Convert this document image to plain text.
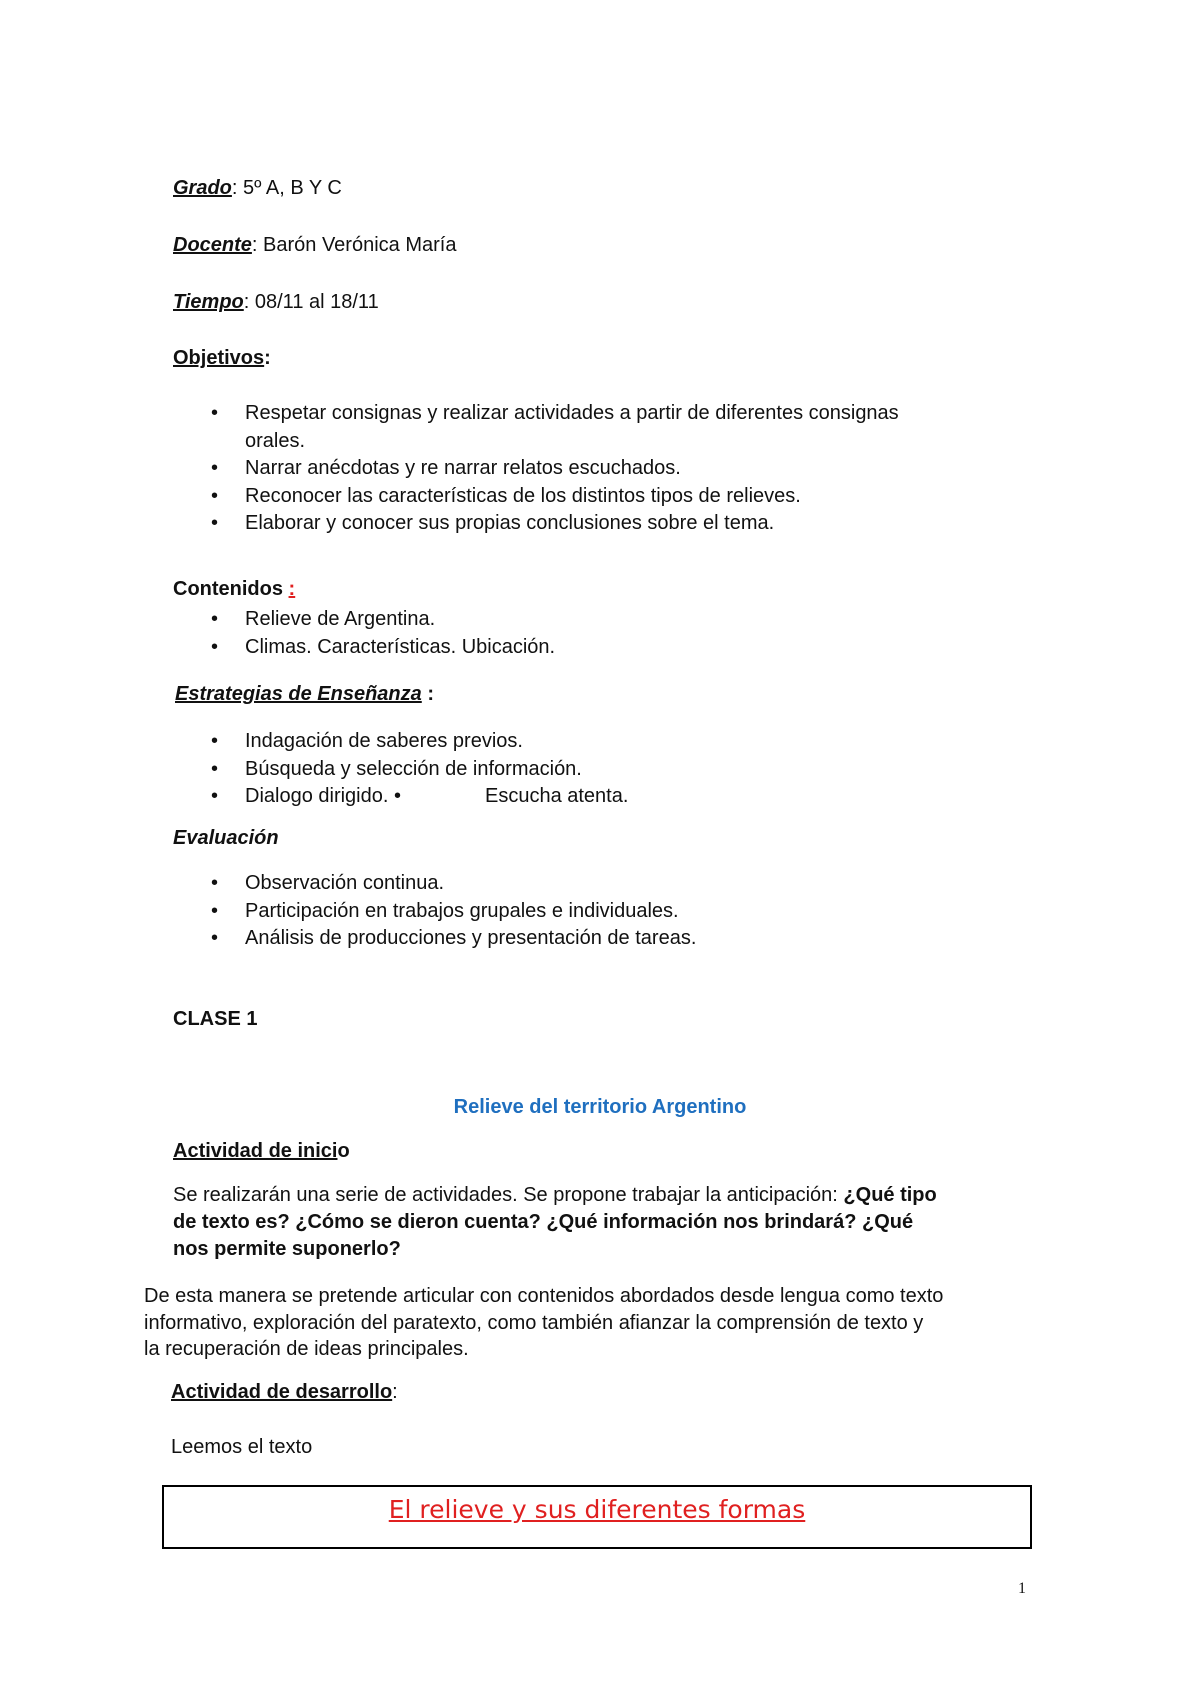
Grado: 5º A, B Y C
Docente: Barón Verónica María
Tiempo: 08/11 al 18/11
Objetivos:
• Respetar consignas y realizar actividades a partir de diferentes consignas
orales.
• Narrar anécdotas y re narrar relatos escuchados.
• Reconocer las características de los distintos tipos de relieves.
• Elaborar y conocer sus propias conclusiones sobre el tema.
Contenidos :
• Relieve de Argentina.
• Climas. Características. Ubicación.
Estrategias de Enseñanza :
• Indagación de saberes previos.
• Búsqueda y selección de información.
• Dialogo dirigido. •	Escucha atenta.
Evaluación
• Observación continua.
• Participación en trabajos grupales e individuales.
• Análisis de producciones y presentación de tareas.
CLASE 1
Relieve del territorio Argentino
Actividad de inicio
Se realizarán una serie de actividades. Se propone trabajar la anticipación: ¿Qué tipo
de texto es? ¿Cómo se dieron cuenta? ¿Qué información nos brindará? ¿Qué
nos permite suponerlo?
De esta manera se pretende articular con contenidos abordados desde lengua como texto
informativo, exploración del paratexto, como también afianzar la comprensión de texto y
la recuperación de ideas principales.
Actividad de desarrollo:
Leemos el texto
El relieve y sus diferentes formas
1
